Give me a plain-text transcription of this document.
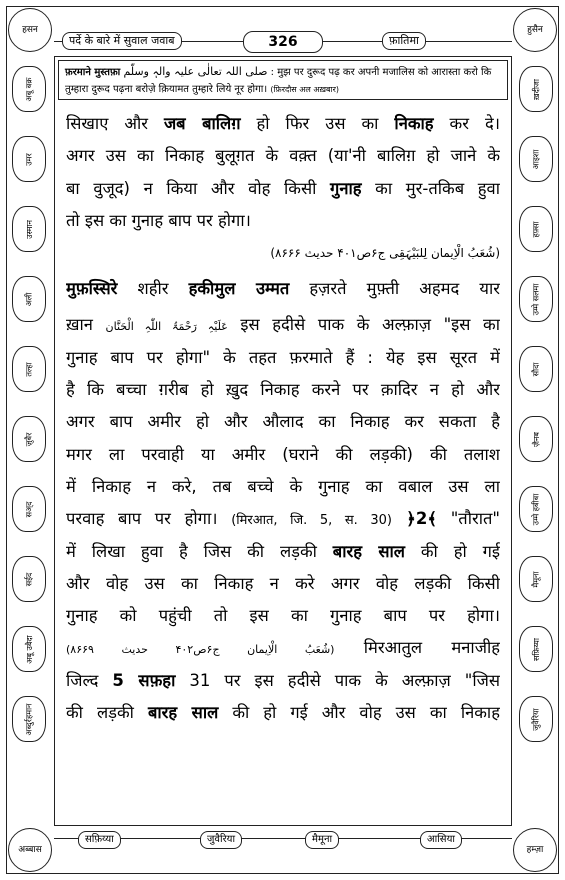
हसन	हुसैन
अब्बास	हम्ज़ा
पर्दे के बारे में सुवाल जवाब	326	फ़ातिमा
अबू बक्र
उमर
उस्मान
अली
तल्हा
ज़ुबैर
सअ्द
सईद
अबू उबैदा
अब्दुर्रहमान
ख़दीजा
आइशा
हफ़्सा
उम्मे सलमा
सौदा
ज़ैनब
उम्मे हबीबा
मैमूना
सफ़िय्या
जुवैरिया
फ़रमाने मुस्तफ़ा صلی اللہ تعالٰی علیہ والہٖ وسلّم : मुझ पर दुरूद पढ़ कर अपनी मजालिस को आरास्ता करो कि तुम्हारा दुरूद पढ़ना बरोज़े क़ियामत तुम्हारे लिये नूर होगा। (फ़िरदौस अल अख़बार)
सिखाए और जब बालिग़ हो फिर उस का निकाह कर दे।
अगर उस का निकाह बुलूग़त के वक़्त (या'नी बालिग़ हो जाने के
बा वुजूद) न किया और वोह किसी गुनाह का मुर-तकिब हुवा
तो इस का गुनाह बाप पर होगा।
(شُعَبُ الْاِیمان لِلبَیْہَقِی ج۶ص۴۰۱ حدیث ۸۶۶۶)
मुफ़स्सिरे शहीर हकीमुल उम्मत हज़रते मुफ़्ती अहमद यार
ख़ान عَلَیْہِ رَحْمَۃُ اللّٰہِ الْحَنَّان इस हदीसे पाक के अल्फ़ाज़ "इस का
गुनाह बाप पर होगा" के तहत फ़रमाते हैं : येह इस सूरत में
है कि बच्चा ग़रीब हो ख़ुद निकाह करने पर क़ादिर न हो और
अगर बाप अमीर हो और औलाद का निकाह कर सकता है
मगर ला परवाही या अमीर (घराने की लड़की) की तलाश
में निकाह न करे, तब बच्चे के गुनाह का वबाल उस ला
परवाह बाप पर होगा। (मिरआत, जि. 5, स. 30) ﴿2﴾ "तौरात"
में लिखा हुवा है जिस की लड़की बारह साल की हो गई
और वोह उस का निकाह न करे अगर वोह लड़की किसी
गुनाह को पहुंची तो इस का गुनाह बाप पर होगा।
(شُعَبُ الْاِیمان ج۶ص۴۰۲ حدیث ۸۶۶۹) मिरआतुल मनाजीह
जिल्द 5 सफ़हा 31 पर इस हदीसे पाक के अल्फ़ाज़ "जिस
की लड़की बारह साल की हो गई और वोह उस का निकाह
सफ़िय्या	जुवैरिया	मैमूना	आसिया
